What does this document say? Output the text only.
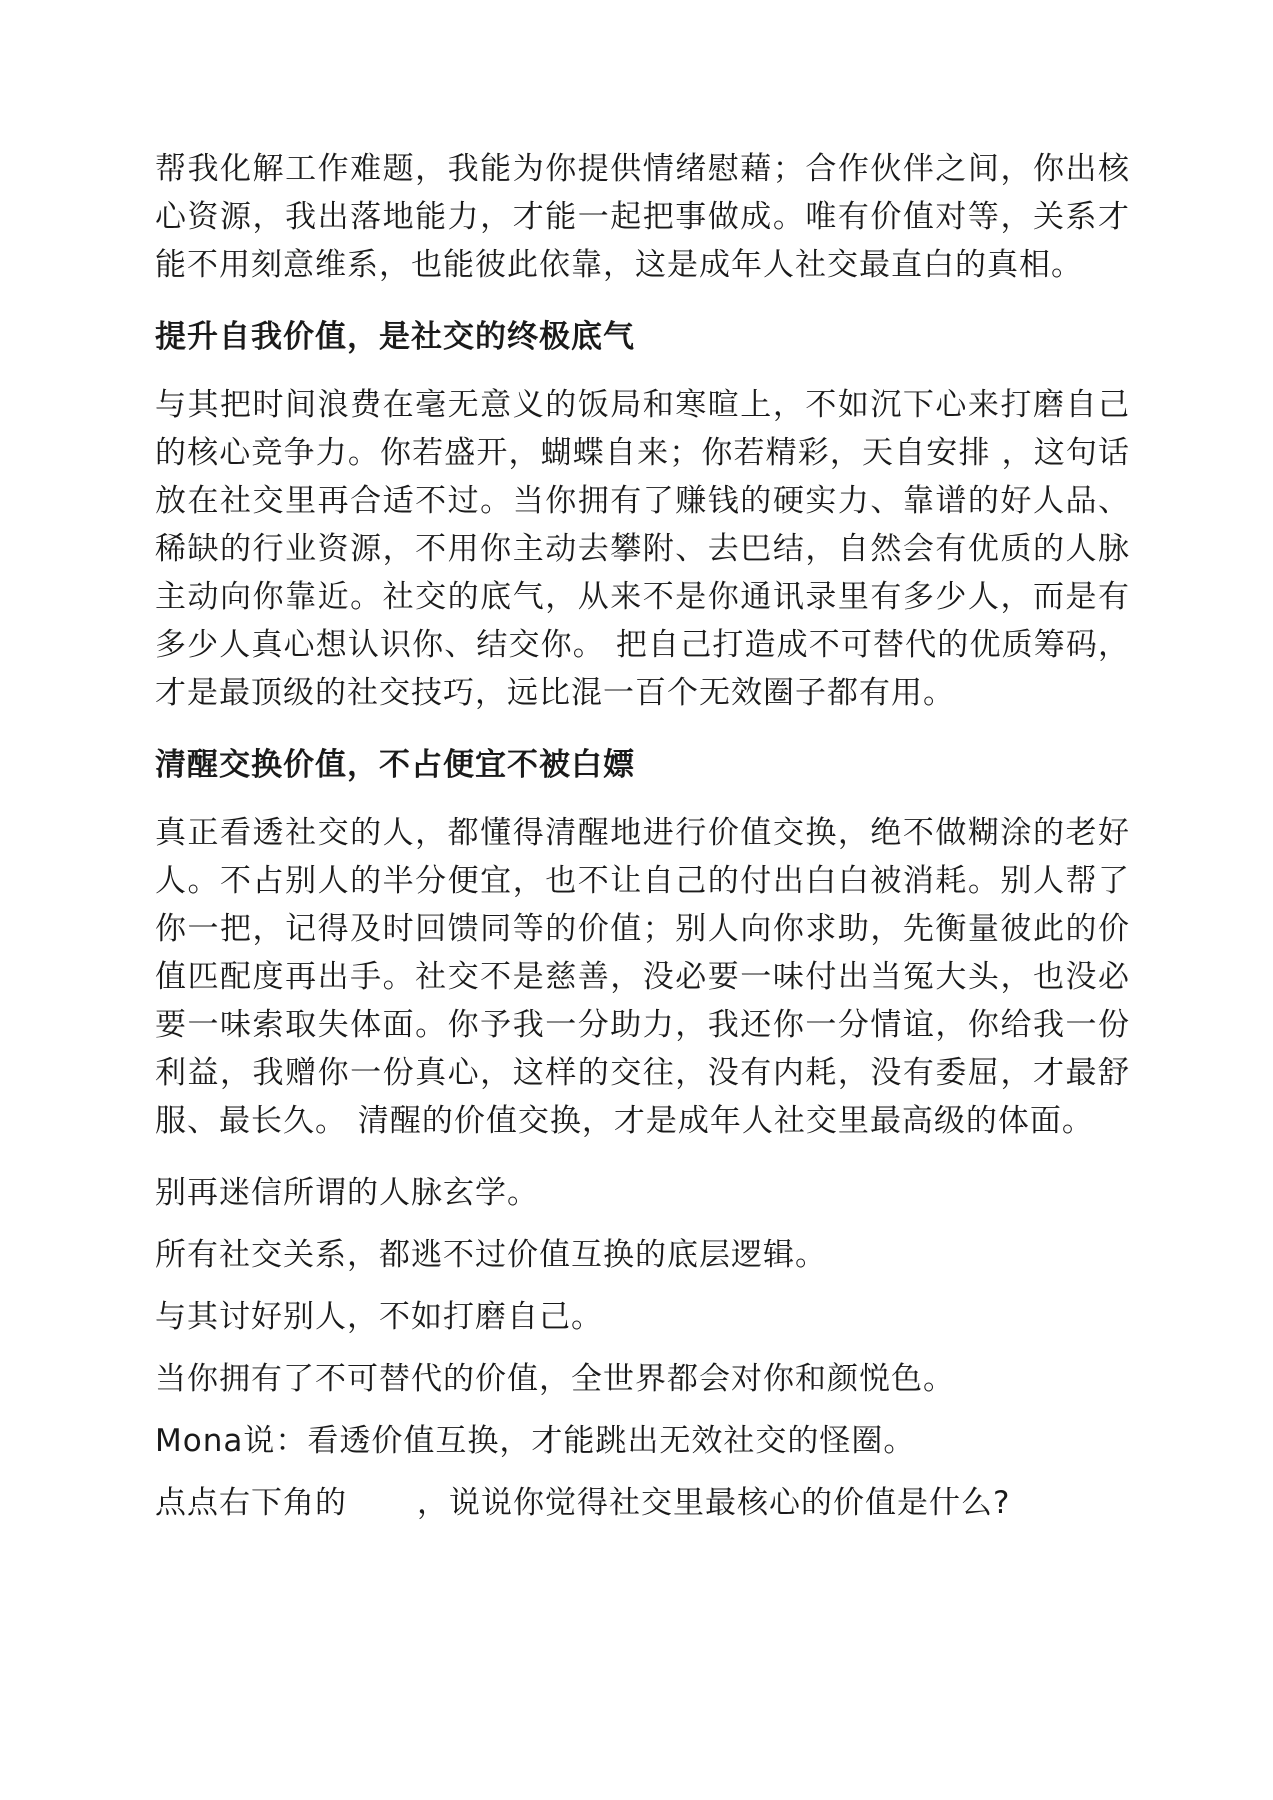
帮我化解工作难题，我能为你提供情绪慰藉；合作伙伴之间，你出核心资源，我出落地能力，才能一起把事做成。唯有价值对等，关系才能不用刻意维系，也能彼此依靠，这是成年人社交最直白的真相。

提升自我价值，是社交的终极底气

与其把时间浪费在毫无意义的饭局和寒暄上，不如沉下心来打磨自己的核心竞争力。你若盛开，蝴蝶自来；你若精彩，天自安排 ，这句话放在社交里再合适不过。当你拥有了赚钱的硬实力、靠谱的好人品、稀缺的行业资源，不用你主动去攀附、去巴结，自然会有优质的人脉主动向你靠近。社交的底气，从来不是你通讯录里有多少人，而是有多少人真心想认识你、结交你。 把自己打造成不可替代的优质筹码，才是最顶级的社交技巧，远比混一百个无效圈子都有用。

清醒交换价值，不占便宜不被白嫖

真正看透社交的人，都懂得清醒地进行价值交换，绝不做糊涂的老好人。不占别人的半分便宜，也不让自己的付出白白被消耗。别人帮了你一把，记得及时回馈同等的价值；别人向你求助，先衡量彼此的价值匹配度再出手。社交不是慈善，没必要一味付出当冤大头，也没必要一味索取失体面。你予我一分助力，我还你一分情谊，你给我一份利益，我赠你一份真心，这样的交往，没有内耗，没有委屈，才最舒服、最长久。 清醒的价值交换，才是成年人社交里最高级的体面。

别再迷信所谓的人脉玄学。

所有社交关系，都逃不过价值互换的底层逻辑。

与其讨好别人，不如打磨自己。

当你拥有了不可替代的价值，全世界都会对你和颜悦色。

Mona说：看透价值互换，才能跳出无效社交的怪圈。

点点右下角的 ，说说你觉得社交里最核心的价值是什么?
